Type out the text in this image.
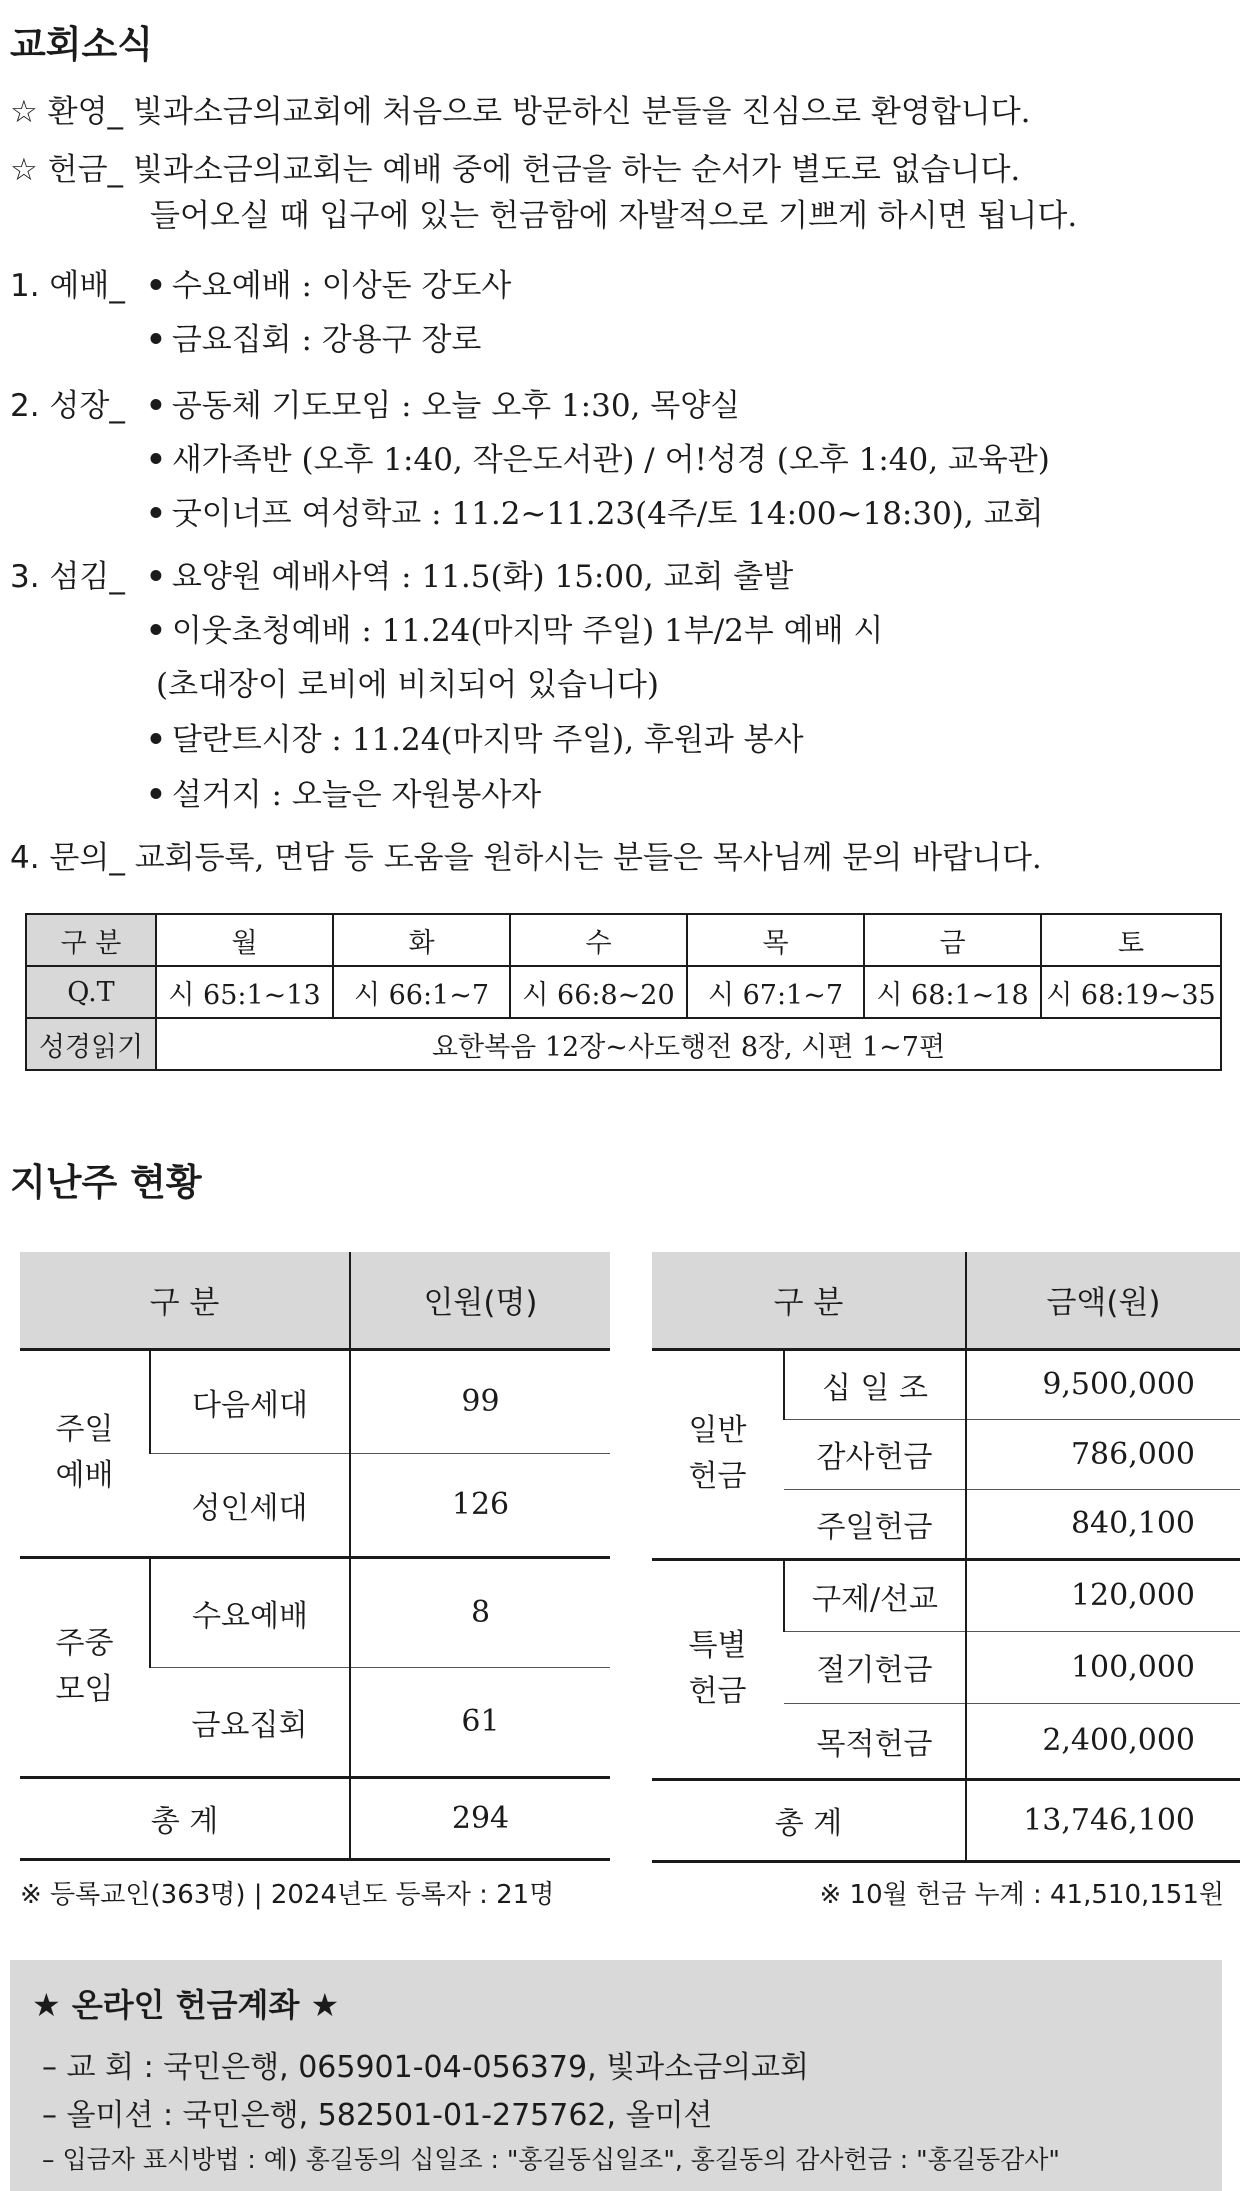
교회소식
☆ 환영_ 빛과소금의교회에 처음으로 방문하신 분들을 진심으로 환영합니다.
☆ 헌금_ 빛과소금의교회는 예배 중에 헌금을 하는 순서가 별도로 없습니다.
들어오실 때 입구에 있는 헌금함에 자발적으로 기쁘게 하시면 됩니다.
1. 예배_ • 수요예배 : 이상돈 강도사
• 금요집회 : 강용구 장로
2. 성장_ • 공동체 기도모임 : 오늘 오후 1:30, 목양실
• 새가족반 (오후 1:40, 작은도서관) / 어!성경 (오후 1:40, 교육관)
• 굿이너프 여성학교 : 11.2~11.23(4주/토 14:00~18:30), 교회
3. 섬김_ • 요양원 예배사역 : 11.5(화) 15:00, 교회 출발
• 이웃초청예배 : 11.24(마지막 주일) 1부/2부 예배 시
(초대장이 로비에 비치되어 있습니다)
• 달란트시장 : 11.24(마지막 주일), 후원과 봉사
• 설거지 : 오늘은 자원봉사자
4. 문의_ 교회등록, 면담 등 도움을 원하시는 분들은 목사님께 문의 바랍니다.
구 분	월	화	수	목	금	토
Q.T	시 65:1~13	시 66:1~7	시 66:8~20	시 67:1~7	시 68:1~18	시 68:19~35
성경읽기	요한복음 12장~사도행전 8장, 시편 1~7편					
지난주 현황
구 분		인원(명)
주일
예배	다음세대	99
	성인세대	126
주중
모임	수요예배	8
	금요집회	61
총 계		294
구 분		금액(원)
일반
헌금	십 일 조	9,500,000
	감사헌금	786,000
	주일헌금	840,100
특별
헌금	구제/선교	120,000
	절기헌금	100,000
	목적헌금	2,400,000
총 계		13,746,100
※ 등록교인(363명) | 2024년도 등록자 : 21명	※ 10월 헌금 누계 : 41,510,151원
★ 온라인 헌금계좌 ★
– 교 회 : 국민은행, 065901-04-056379, 빛과소금의교회
– 올미션 : 국민은행, 582501-01-275762, 올미션
– 입금자 표시방법 : 예) 홍길동의 십일조 : "홍길동십일조", 홍길동의 감사헌금 : "홍길동감사"
